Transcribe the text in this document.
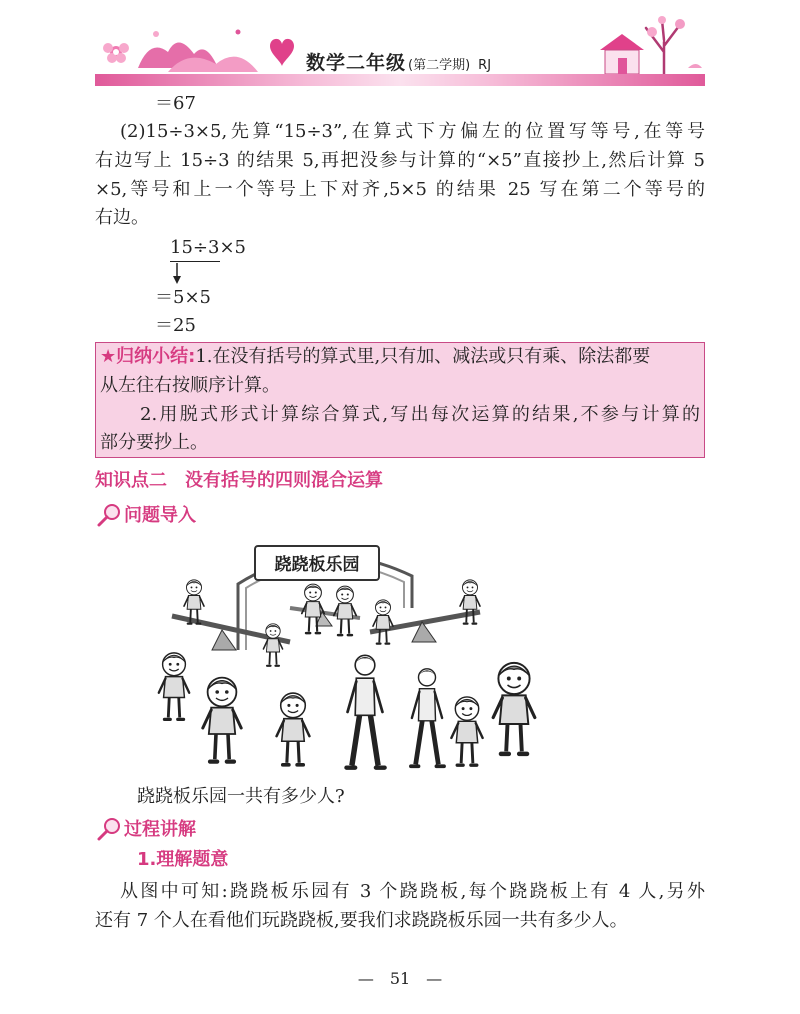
数学二年级 (第二学期) RJ
＝67
(2)15÷3×5,先算“15÷3”,在算式下方偏左的位置写等号,在等号
右边写上 15÷3 的结果 5,再把没参与计算的“×5”直接抄上,然后计算 5
×5,等号和上一个等号上下对齐,5×5 的结果 25 写在第二个等号的
右边。
15÷3×5
＝5×5
＝25
★归纳小结:1.在没有括号的算式里,只有加、减法或只有乘、除法都要
从左往右按顺序计算。
2.用脱式形式计算综合算式,写出每次运算的结果,不参与计算的
部分要抄上。
知识点二　没有括号的四则混合运算
问题导入
跷跷板乐园
跷跷板乐园一共有多少人?
过程讲解
1.理解题意
从图中可知:跷跷板乐园有 3 个跷跷板,每个跷跷板上有 4 人,另外
还有 7 个人在看他们玩跷跷板,要我们求跷跷板乐园一共有多少人。
—　51　—
